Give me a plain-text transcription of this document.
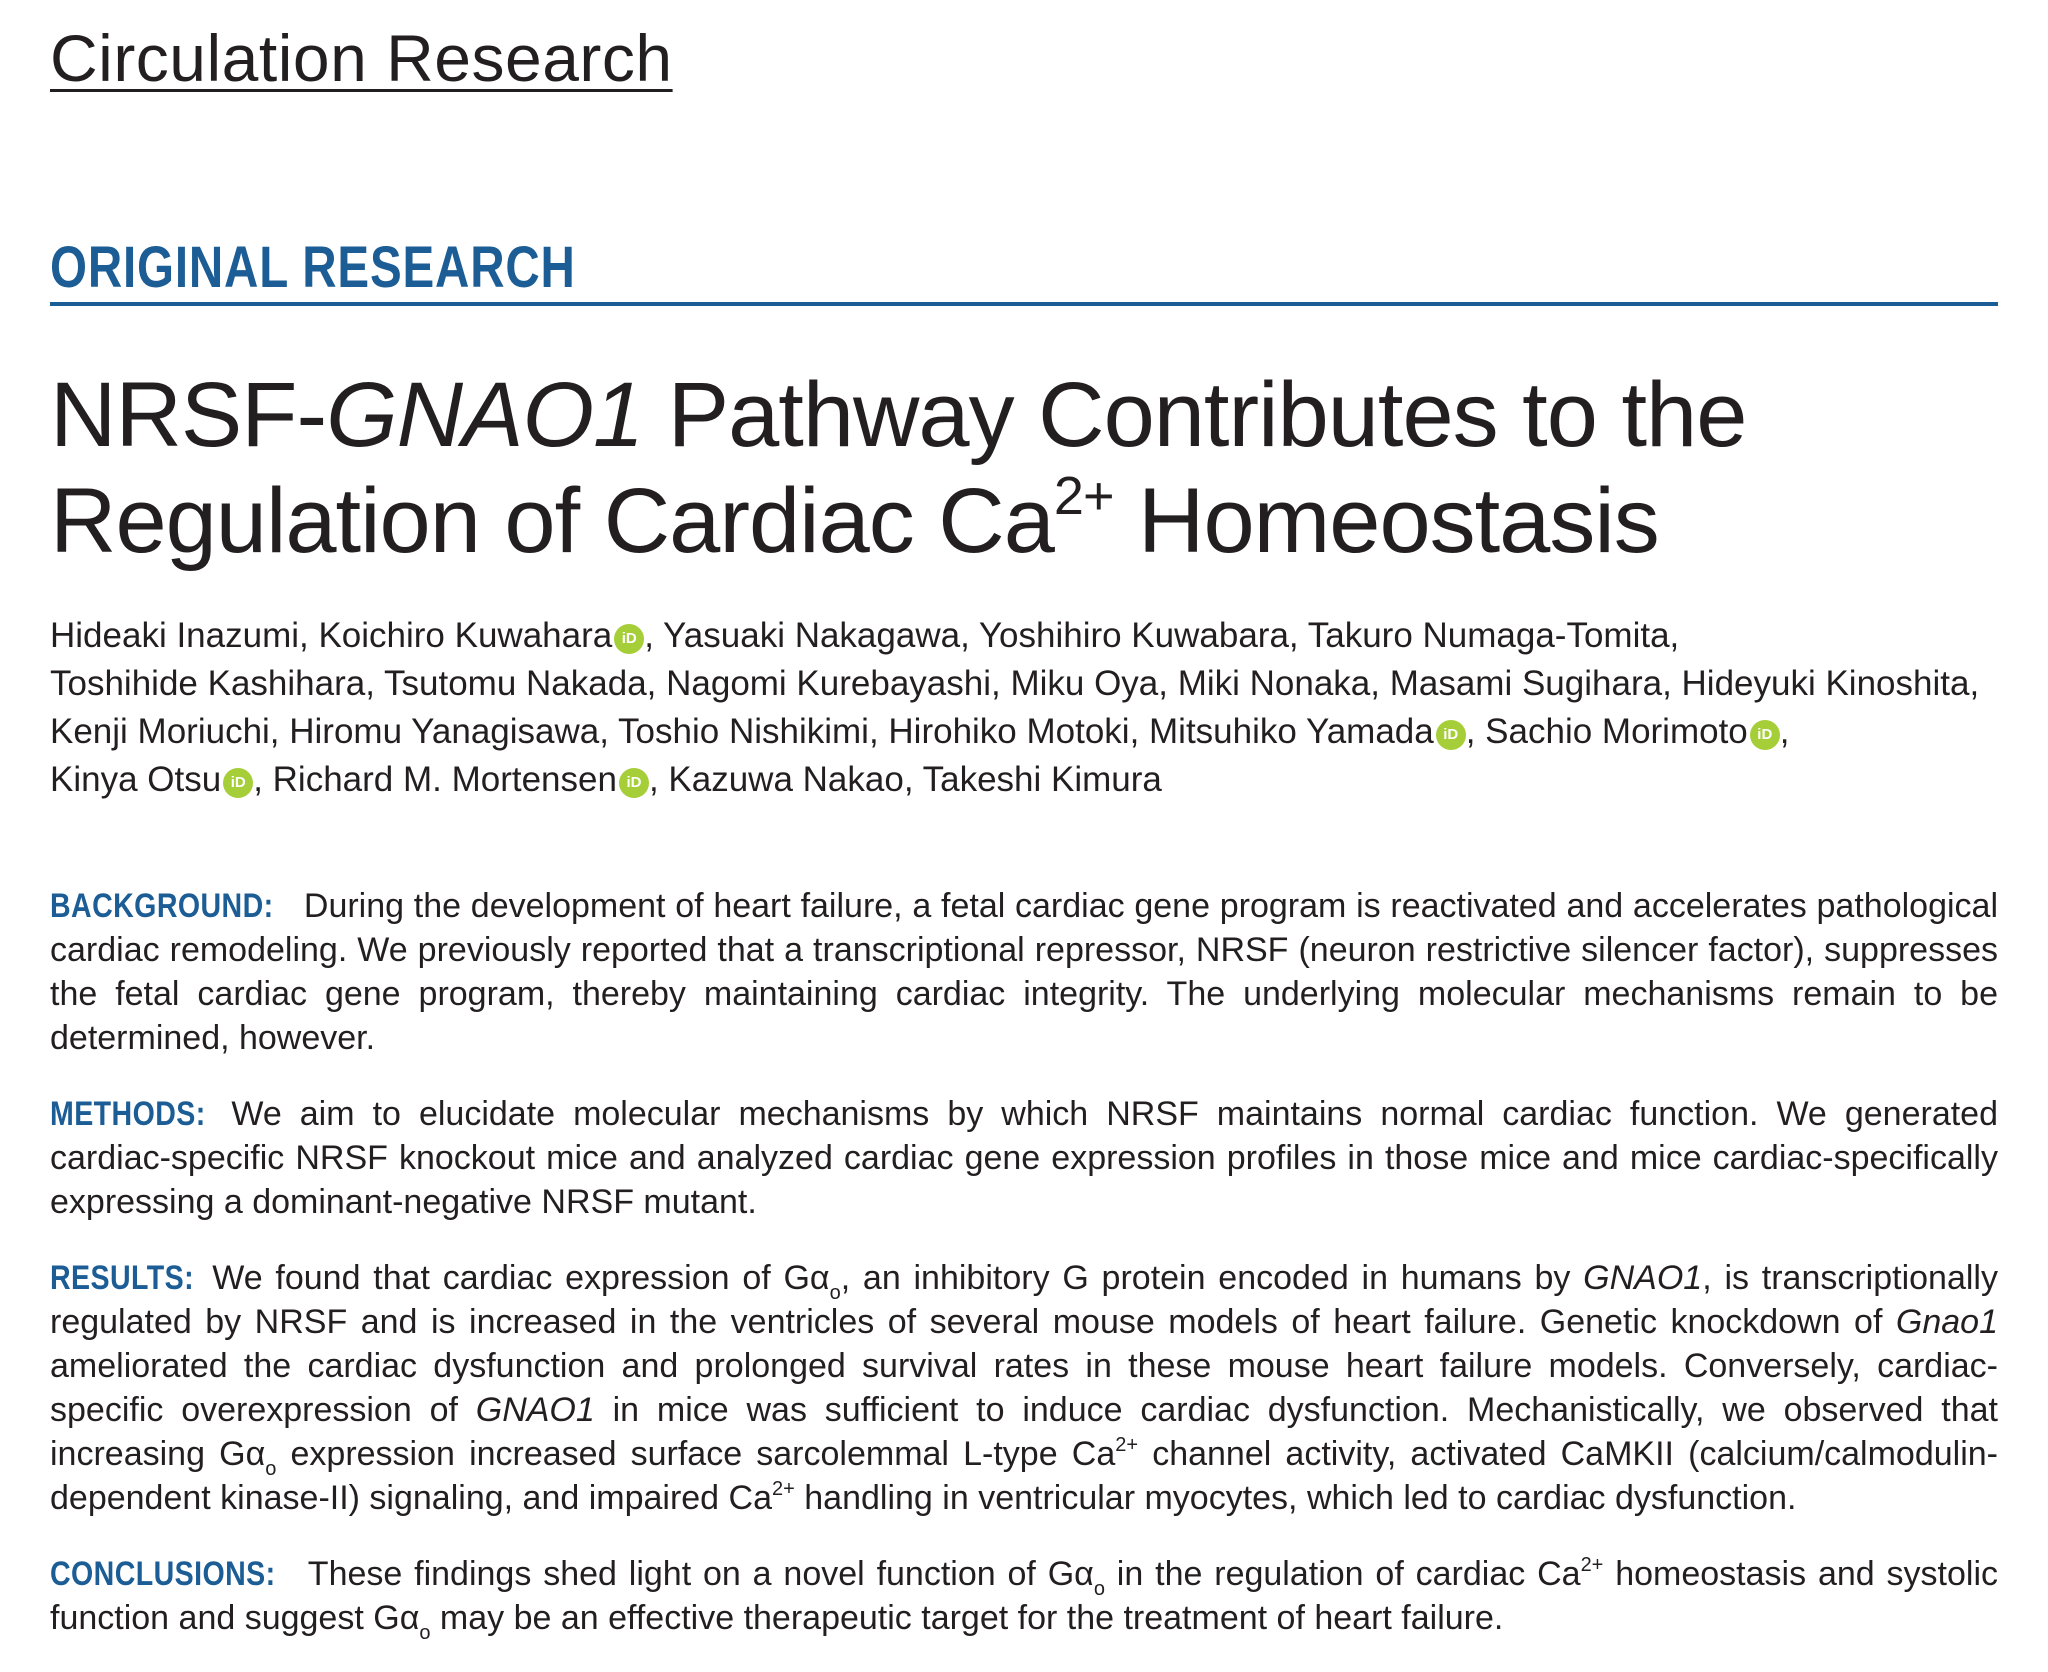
Circulation Research
ORIGINAL RESEARCH
NRSF-GNAO1 Pathway Contributes to the
Regulation of Cardiac $Ca^{2+}$ Homeostasis
Hideaki Inazumi, Koichiro Kuwahara iD , Yasuaki Nakagawa, Yoshihiro Kuwabara, Takuro Numaga-Tomita,
Toshihide Kashihara, Tsutomu Nakada, Nagomi Kurebayashi, Miku Oya, Miki Nonaka, Masami Sugihara, Hideyuki Kinoshita,
Kenji Moriuchi, Hiromu Yanagisawa, Toshio Nishikimi, Hirohiko Motoki, Mitsuhiko Yamada iD , Sachio Morimoto iD ,
Kinya Otsu iD , Richard M. Mortensen iD , Kazuwa Nakao, Takeshi Kimura

BACKGROUND: During the development of heart failure, a fetal cardiac gene program is reactivated and accelerates pathological cardiac remodeling. We previously reported that a transcriptional repressor, NRSF (neuron restrictive silencer factor), suppresses the fetal cardiac gene program, thereby maintaining cardiac integrity. The underlying molecular mechanisms remain to be determined, however.

METHODS: We aim to elucidate molecular mechanisms by which NRSF maintains normal cardiac function. We generated cardiac-specific NRSF knockout mice and analyzed cardiac gene expression profiles in those mice and mice cardiac-specifically expressing a dominant-negative NRSF mutant.

RESULTS: We found that cardiac expression of $G\alpha_o$, an inhibitory G protein encoded in humans by GNAO1, is transcriptionally regulated by NRSF and is increased in the ventricles of several mouse models of heart failure. Genetic knockdown of Gnao1 ameliorated the cardiac dysfunction and prolonged survival rates in these mouse heart failure models. Conversely, cardiac-specific overexpression of GNAO1 in mice was sufficient to induce cardiac dysfunction. Mechanistically, we observed that increasing $G\alpha_o$ expression increased surface sarcolemmal L-type $Ca^{2+}$ channel activity, activated CaMKII (calcium/calmodulin-dependent kinase-II) signaling, and impaired $Ca^{2+}$ handling in ventricular myocytes, which led to cardiac dysfunction.

CONCLUSIONS: These findings shed light on a novel function of $G\alpha_o$ in the regulation of cardiac $Ca^{2+}$ homeostasis and systolic function and suggest $G\alpha_o$ may be an effective therapeutic target for the treatment of heart failure.
